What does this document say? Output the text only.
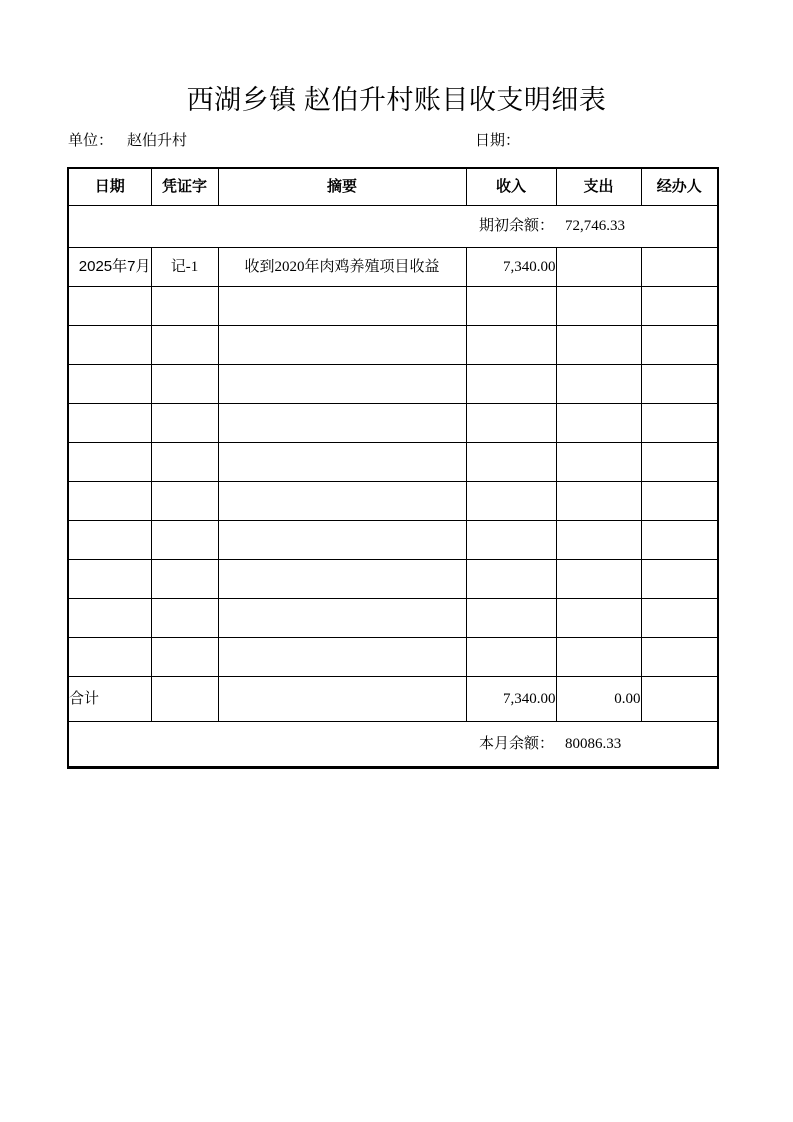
西湖乡镇 赵伯升村账目收支明细表
单位： 赵伯升村	日期：
日期	凭证字	摘要	收入	支出	经办人
期初余额： 72,746.33					
2025年7月	记-1	收到2020年肉鸡养殖项目收益	7,340.00		

合计			7,340.00	0.00	
本月余额： 80086.33					
